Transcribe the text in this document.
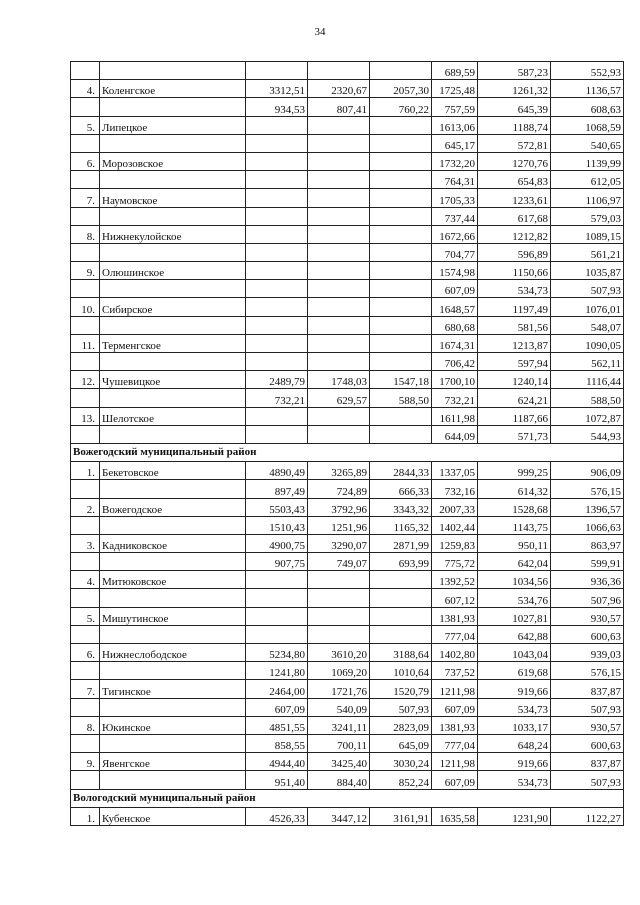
34
					689,59	587,23	552,93
4.	Коленгское	3312,51	2320,67	2057,30	1725,48	1261,32	1136,57
		934,53	807,41	760,22	757,59	645,39	608,63
5.	Липецкое				1613,06	1188,74	1068,59
					645,17	572,81	540,65
6.	Морозовское				1732,20	1270,76	1139,99
					764,31	654,83	612,05
7.	Наумовское				1705,33	1233,61	1106,97
					737,44	617,68	579,03
8.	Нижнекулойское				1672,66	1212,82	1089,15
					704,77	596,89	561,21
9.	Олюшинское				1574,98	1150,66	1035,87
					607,09	534,73	507,93
10.	Сибирское				1648,57	1197,49	1076,01
					680,68	581,56	548,07
11.	Терменгское				1674,31	1213,87	1090,05
					706,42	597,94	562,11
12.	Чушевицкое	2489,79	1748,03	1547,18	1700,10	1240,14	1116,44
		732,21	629,57	588,50	732,21	624,21	588,50
13.	Шелотское				1611,98	1187,66	1072,87
					644,09	571,73	544,93
Вожегодский муниципальный район							
1.	Бекетовское	4890,49	3265,89	2844,33	1337,05	999,25	906,09
		897,49	724,89	666,33	732,16	614,32	576,15
2.	Вожегодское	5503,43	3792,96	3343,32	2007,33	1528,68	1396,57
		1510,43	1251,96	1165,32	1402,44	1143,75	1066,63
3.	Кадниковское	4900,75	3290,07	2871,99	1259,83	950,11	863,97
		907,75	749,07	693,99	775,72	642,04	599,91
4.	Митюковское				1392,52	1034,56	936,36
					607,12	534,76	507,96
5.	Мишутинское				1381,93	1027,81	930,57
					777,04	642,88	600,63
6.	Нижнеслободское	5234,80	3610,20	3188,64	1402,80	1043,04	939,03
		1241,80	1069,20	1010,64	737,52	619,68	576,15
7.	Тигинское	2464,00	1721,76	1520,79	1211,98	919,66	837,87
		607,09	540,09	507,93	607,09	534,73	507,93
8.	Юкинское	4851,55	3241,11	2823,09	1381,93	1033,17	930,57
		858,55	700,11	645,09	777,04	648,24	600,63
9.	Явенгское	4944,40	3425,40	3030,24	1211,98	919,66	837,87
		951,40	884,40	852,24	607,09	534,73	507,93
Вологодский муниципальный район							
1.	Кубенское	4526,33	3447,12	3161,91	1635,58	1231,90	1122,27
